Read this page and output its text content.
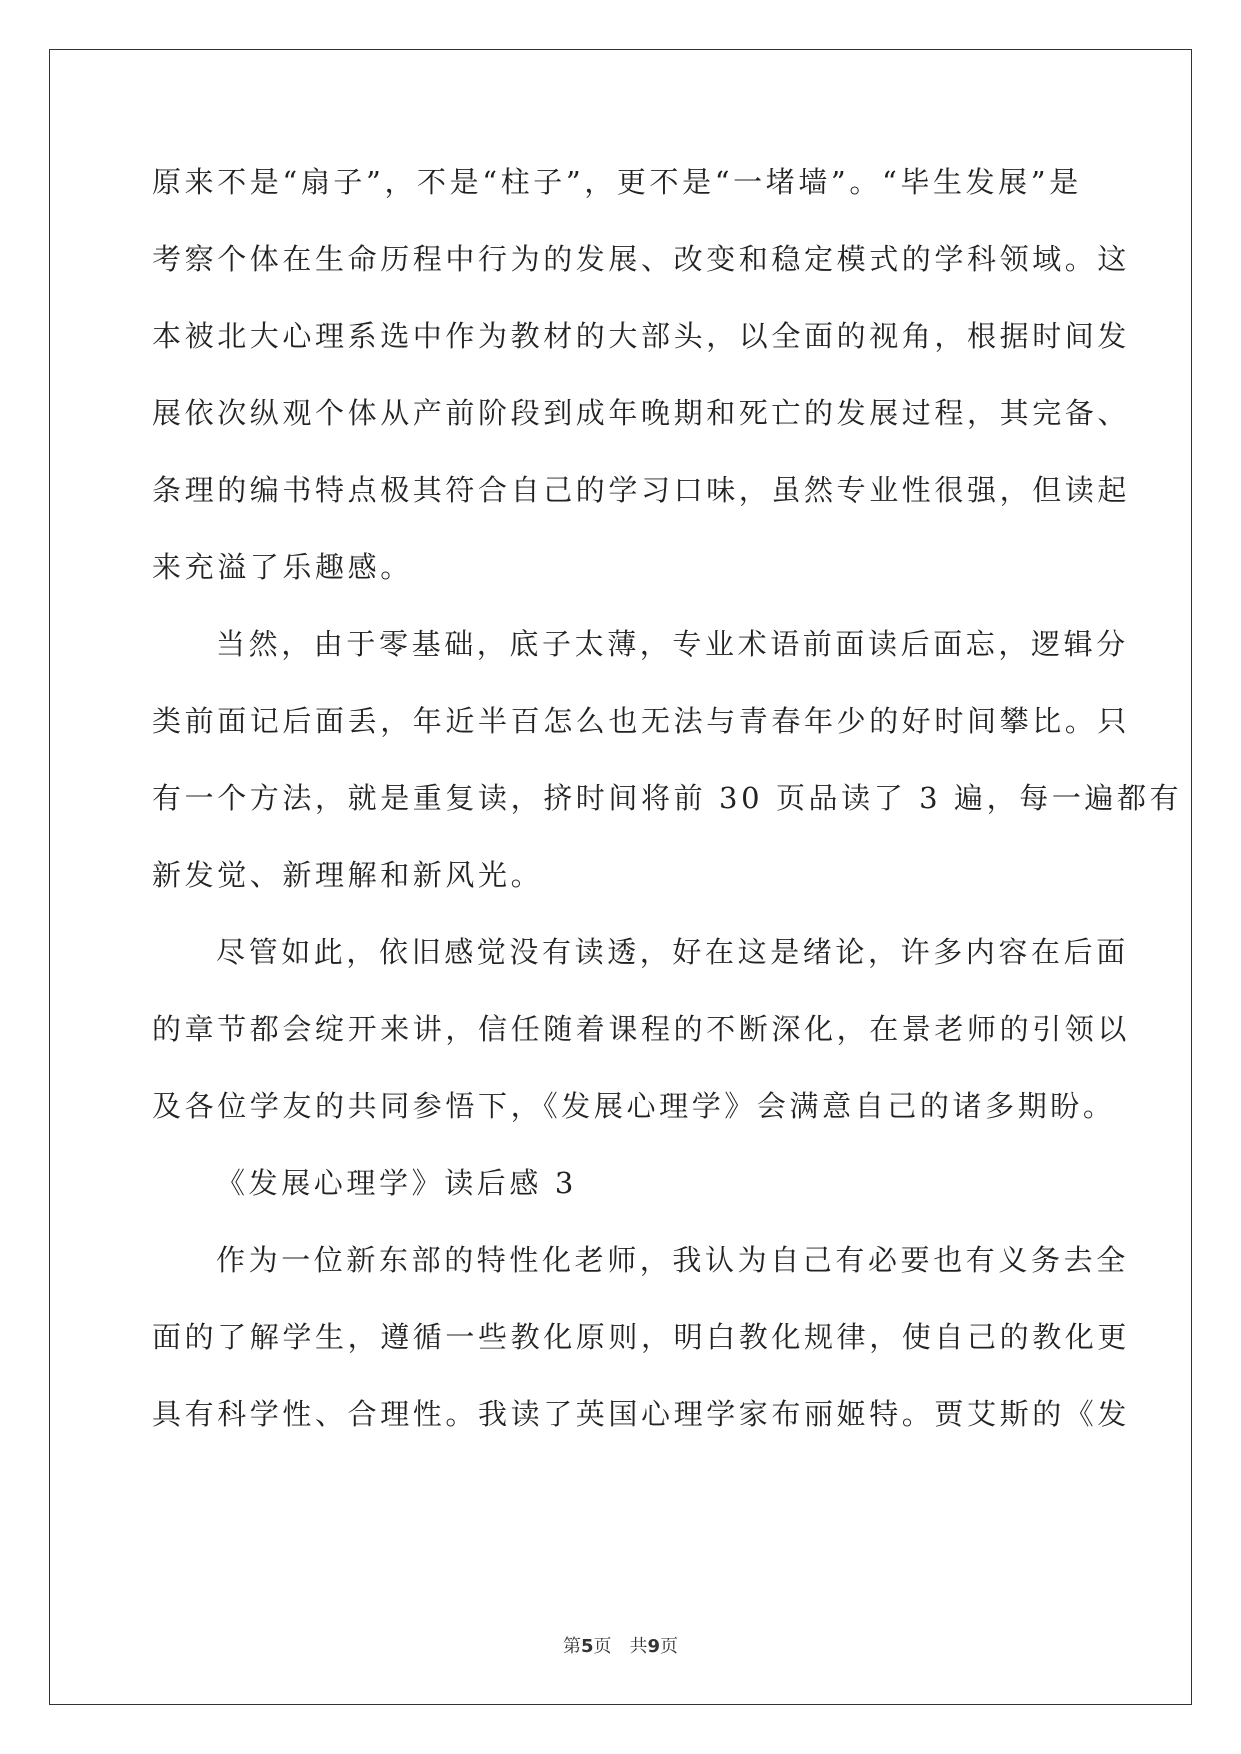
原来不是“扇子”，不是“柱子”，更不是“一堵墙”。“毕生发展”是
考察个体在生命历程中行为的发展、改变和稳定模式的学科领域。这
本被北大心理系选中作为教材的大部头，以全面的视角，根据时间发
展依次纵观个体从产前阶段到成年晚期和死亡的发展过程，其完备、
条理的编书特点极其符合自己的学习口味，虽然专业性很强，但读起
来充溢了乐趣感。
当然，由于零基础，底子太薄，专业术语前面读后面忘，逻辑分
类前面记后面丢，年近半百怎么也无法与青春年少的好时间攀比。只
有一个方法，就是重复读，挤时间将前 30 页品读了 3 遍，每一遍都有
新发觉、新理解和新风光。
尽管如此，依旧感觉没有读透，好在这是绪论，许多内容在后面
的章节都会绽开来讲，信任随着课程的不断深化，在景老师的引领以
及各位学友的共同参悟下，《发展心理学》会满意自己的诸多期盼。
《发展心理学》读后感 3
作为一位新东部的特性化老师，我认为自己有必要也有义务去全
面的了解学生，遵循一些教化原则，明白教化规律，使自己的教化更
具有科学性、合理性。我读了英国心理学家布丽姬特。贾艾斯的《发
第5页　共9页
